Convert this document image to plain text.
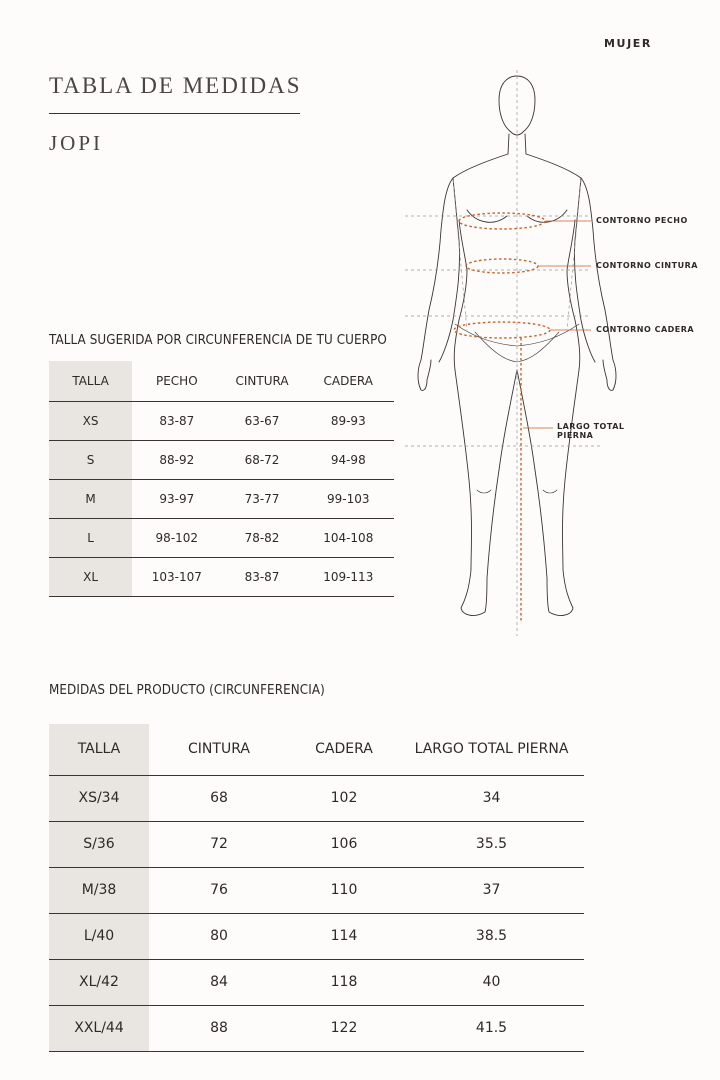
MUJER
TABLA DE MEDIDAS
JOPI
TALLA SUGERIDA POR CIRCUNFERENCIA DE TU CUERPO
TALLA	PECHO	CINTURA	CADERA
XS	83-87	63-67	89-93
S	88-92	68-72	94-98
M	93-97	73-77	99-103
L	98-102	78-82	104-108
XL	103-107	83-87	109-113
CONTORNO PECHO
CONTORNO CINTURA
CONTORNO CADERA
LARGO TOTAL
PIERNA
MEDIDAS DEL PRODUCTO (CIRCUNFERENCIA)
TALLA	CINTURA	CADERA	LARGO TOTAL PIERNA
XS/34	68	102	34
S/36	72	106	35.5
M/38	76	110	37
L/40	80	114	38.5
XL/42	84	118	40
XXL/44	88	122	41.5
